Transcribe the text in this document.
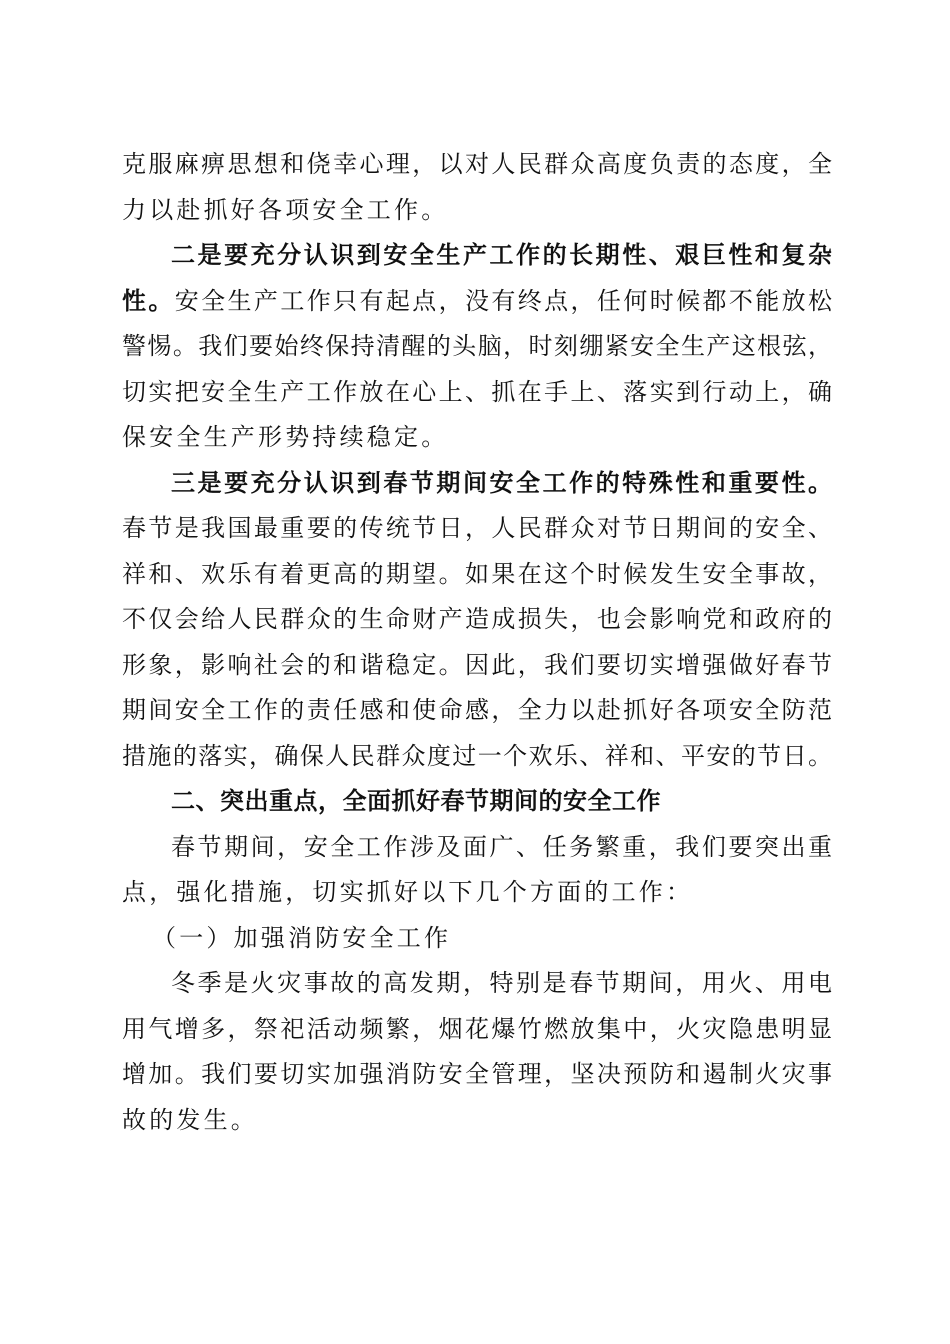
克服麻痹思想和侥幸心理，以对人民群众高度负责的态度，全
力以赴抓好各项安全工作。
二是要充分认识到安全生产工作的长期性、艰巨性和复杂
性。安全生产工作只有起点，没有终点，任何时候都不能放松
警惕。我们要始终保持清醒的头脑，时刻绷紧安全生产这根弦，
切实把安全生产工作放在心上、抓在手上、落实到行动上，确
保安全生产形势持续稳定。
三是要充分认识到春节期间安全工作的特殊性和重要性。
春节是我国最重要的传统节日，人民群众对节日期间的安全、
祥和、欢乐有着更高的期望。如果在这个时候发生安全事故，
不仅会给人民群众的生命财产造成损失，也会影响党和政府的
形象，影响社会的和谐稳定。因此，我们要切实增强做好春节
期间安全工作的责任感和使命感，全力以赴抓好各项安全防范
措施的落实，确保人民群众度过一个欢乐、祥和、平安的节日。
二、突出重点，全面抓好春节期间的安全工作
春节期间，安全工作涉及面广、任务繁重，我们要突出重
点，强化措施，切实抓好以下几个方面的工作：
（一）加强消防安全工作
冬季是火灾事故的高发期，特别是春节期间，用火、用电
用气增多，祭祀活动频繁，烟花爆竹燃放集中，火灾隐患明显
增加。我们要切实加强消防安全管理，坚决预防和遏制火灾事
故的发生。
